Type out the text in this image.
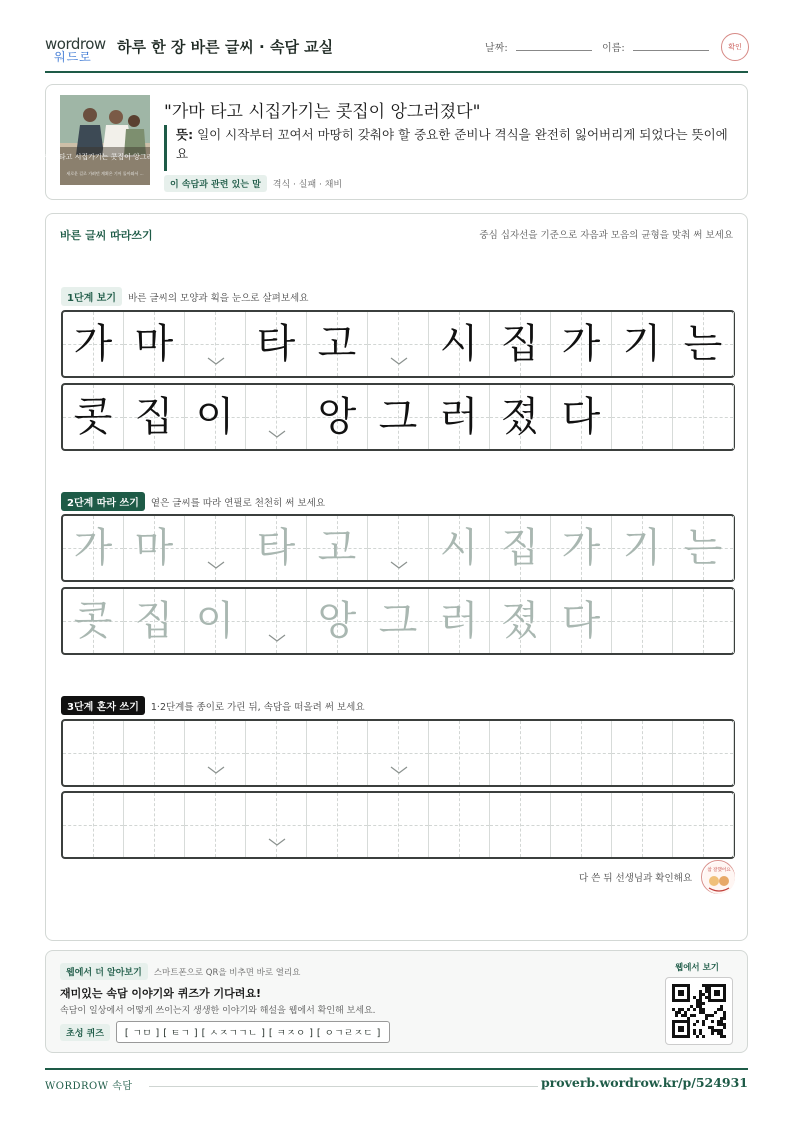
wordrow
워드로
하루 한 장 바른 글씨 · 속담 교실	날짜:	이름:	확인
가마 타고 시집가기는 콧집이 앙그러졌다
새로운 길로 가려던 계획은 기어 돌아와서 …
"가마 타고 시집가기는 콧집이 앙그러졌다"
뜻: 일이 시작부터 꼬여서 마땅히 갖춰야 할 중요한 준비나 격식을 완전히 잃어버리게 되었다는 뜻이에요
이 속담과 관련 있는 말 격식 · 실패 · 채비
바른 글씨 따라쓰기	중심 십자선을 기준으로 자음과 모음의 균형을 맞춰 써 보세요
1단계 보기 바른 글씨의 모양과 획을 눈으로 살펴보세요
가 마 타 고 시 집 가 기 는
콧 집 이 앙 그 러 졌 다
2단계 따라 쓰기 옅은 글씨를 따라 연필로 천천히 써 보세요
가 마 타 고 시 집 가 기 는
콧 집 이 앙 그 러 졌 다
3단계 혼자 쓰기 1·2단계를 종이로 가린 뒤, 속담을 떠올려 써 보세요
다 쓴 뒤 선생님과 확인해요
참 잘했어요
웹에서 더 알아보기 스마트폰으로 QR을 비추면 바로 열리요
재미있는 속담 이야기와 퀴즈가 기다려요!
속담이 일상에서 어떻게 쓰이는지 생생한 이야기와 해설을 웹에서 확인해 보세요.
초성 퀴즈 [ ㄱㅁ ] [ ㅌㄱ ] [ ㅅㅈㄱㄱㄴ ] [ ㅋㅈㅇ ] [ ㅇㄱㄹㅈㄷ ]
웹에서 보기
WORDROW 속담	proverb.wordrow.kr/p/524931
